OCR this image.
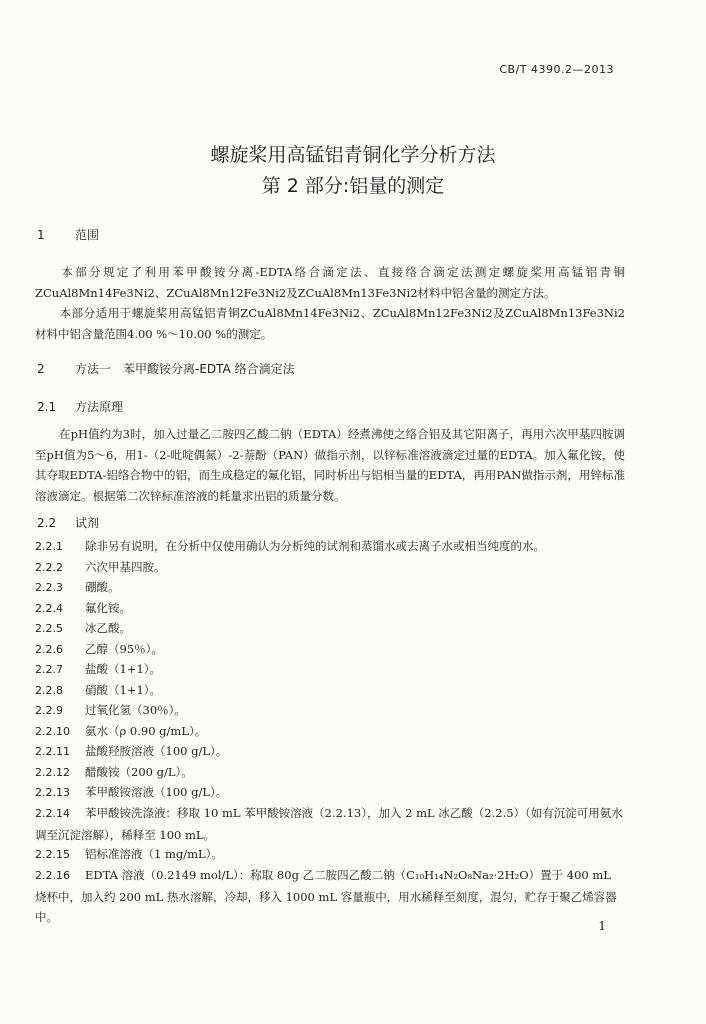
CB/T 4390.2—2013
螺旋桨用高锰铝青铜化学分析方法
第 2 部分:铝量的测定
1	范围
本部分规定了利用苯甲酸铵分离-EDTA络合滴定法、直接络合滴定法测定螺旋桨用高锰铝青铜ZCuAl8Mn14Fe3Ni2、ZCuAl8Mn12Fe3Ni2及ZCuAl8Mn13Fe3Ni2材料中铝含量的测定方法。
本部分适用于螺旋桨用高锰铝青铜ZCuAl8Mn14Fe3Ni2、ZCuAl8Mn12Fe3Ni2及ZCuAl8Mn13Fe3Ni2材料中铝含量范围4.00 %～10.00 %的测定。
2	方法一　苯甲酸铵分离-EDTA 络合滴定法
2.1 方法原理
在pH值约为3时，加入过量乙二胺四乙酸二钠（EDTA）经煮沸使之络合铝及其它阳离子，再用六次甲基四胺调至pH值为5～6，用1-（2-吡啶偶氮）-2-萘酚（PAN）做指示剂，以锌标准溶液滴定过量的EDTA。加入氟化铵，使其夺取EDTA-铝络合物中的铝，而生成稳定的氟化铝，同时析出与铝相当量的EDTA，再用PAN做指示剂，用锌标准溶液滴定。根据第二次锌标准溶液的耗量求出铝的质量分数。
2.2 试剂
2.2.1 除非另有说明，在分析中仅使用确认为分析纯的试剂和蒸馏水或去离子水或相当纯度的水。
2.2.2 六次甲基四胺。
2.2.3 硼酸。
2.2.4 氟化铵。
2.2.5 冰乙酸。
2.2.6 乙醇（95％）。
2.2.7 盐酸（1+1）。
2.2.8 硝酸（1+1）。
2.2.9 过氧化氢（30％）。
2.2.10 氨水（ρ 0.90 g/mL）。
2.2.11 盐酸羟胺溶液（100 g/L）。
2.2.12 醋酸铵（200 g/L）。
2.2.13 苯甲酸铵溶液（100 g/L）。
2.2.14 苯甲酸铵洗涤液：移取 10 mL 苯甲酸铵溶液（2.2.13），加入 2 mL 冰乙酸（2.2.5）（如有沉淀可用氨水调至沉淀溶解），稀释至 100 mL。
2.2.15 铝标准溶液（1 mg/mL）。
2.2.16 EDTA 溶液（0.2149 mol/L）：称取 80g 乙二胺四乙酸二钠（C₁₀H₁₄N₂O₈Na₂·2H₂O）置于 400 mL 烧杯中，加入约 200 mL 热水溶解，冷却，移入 1000 mL 容量瓶中，用水稀释至刻度，混匀，贮存于聚乙烯容器中。
1
